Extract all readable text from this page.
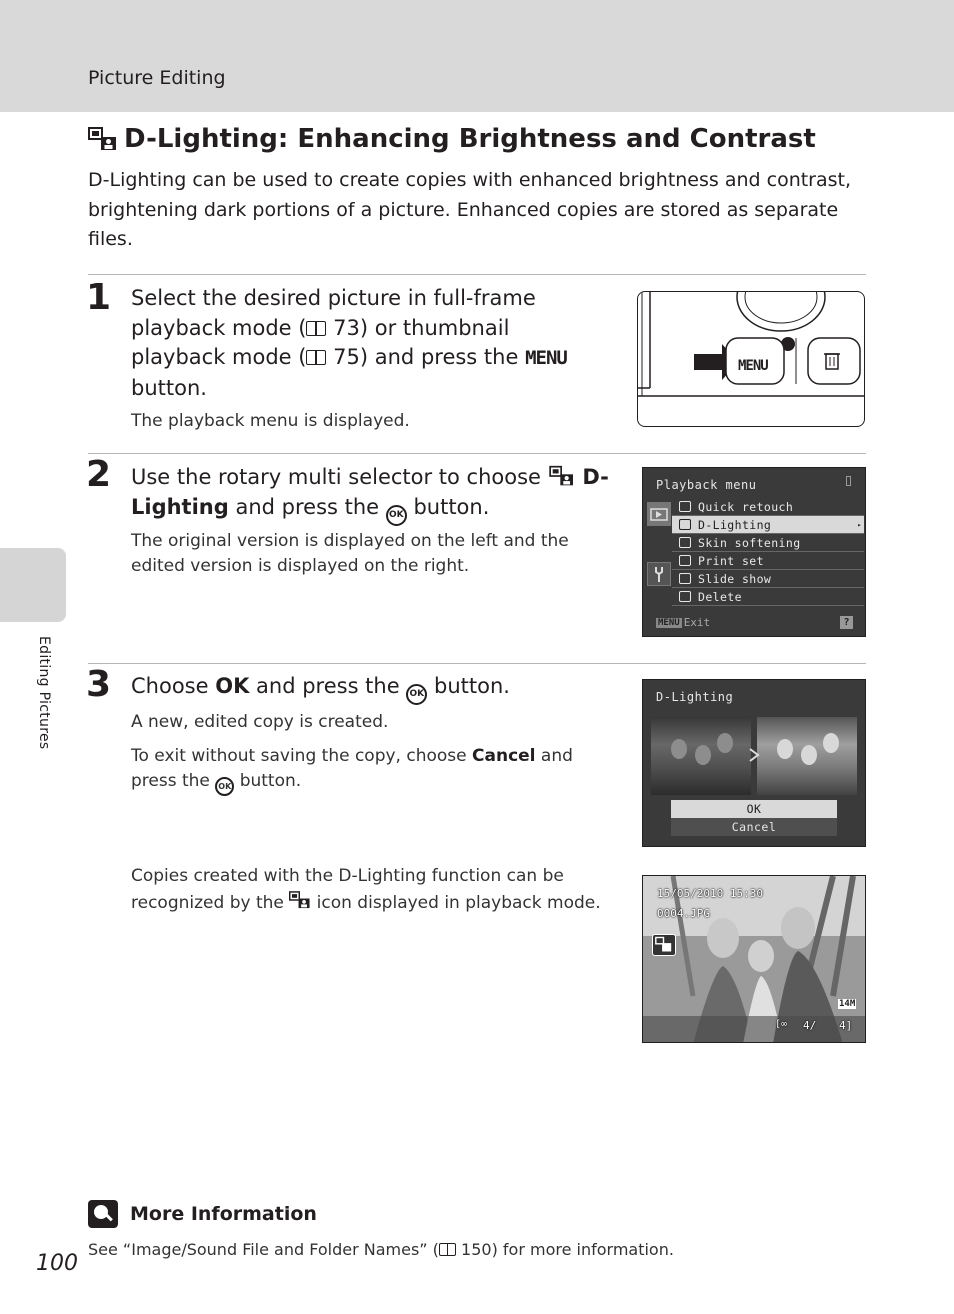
Picture Editing
Editing Pictures
D-Lighting: Enhancing Brightness and Contrast
D-Lighting can be used to create copies with enhanced brightness and contrast, brightening dark portions of a picture. Enhanced copies are stored as separate files.
1 Select the desired picture in full-frame playback mode ( 73) or thumbnail playback mode ( 75) and press the MENU button.
The playback menu is displayed.
MENU
2 Use the rotary multi selector to choose  D-Lighting and press the OK button.
The original version is displayed on the left and the edited version is displayed on the right.
Playback menu
Quick retouch
D-Lighting	▸
Skin softening
Print set
Slide show
Delete
MENU Exit	?
3 Choose OK and press the OK button.
A new, edited copy is created.
To exit without saving the copy, choose Cancel and press the OK button.
D-Lighting
OK
Cancel
Copies created with the D-Lighting function can be recognized by the  icon displayed in playback mode.	15/05/2010 15:30
0004.JPG
14M
[∞ 4/ 4]
More Information
See “Image/Sound File and Folder Names” ( 150) for more information.
100
